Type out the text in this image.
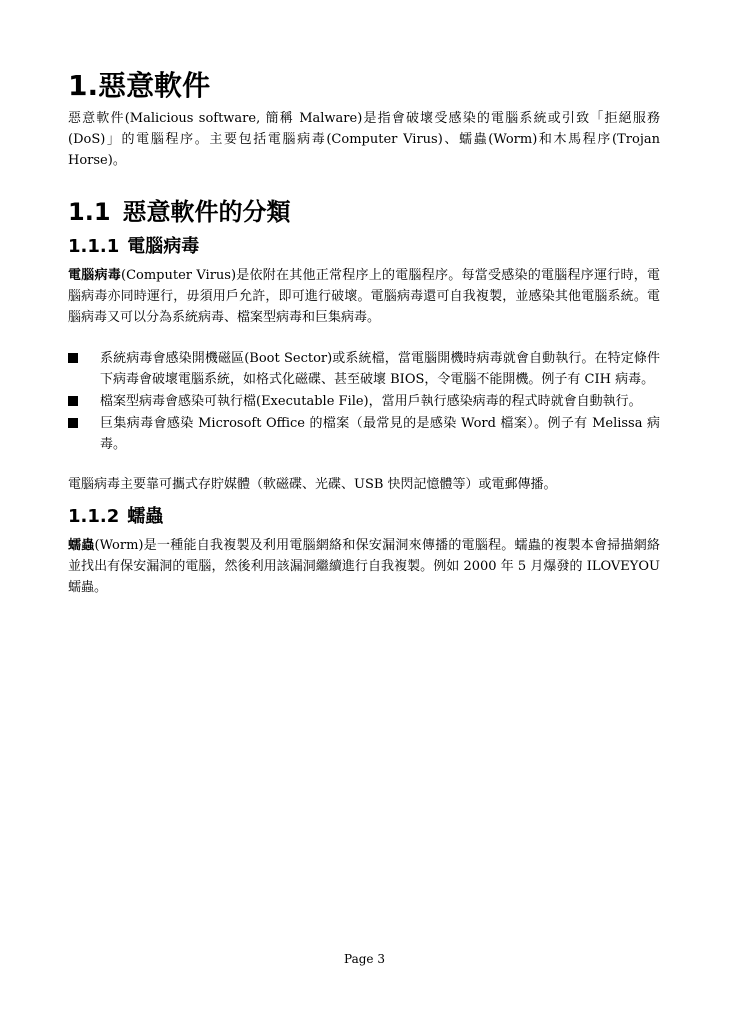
1.惡意軟件

惡意軟件(Malicious software, 簡稱 Malware)是指會破壞受感染的電腦系統或引致「拒絕服務(DoS)」的電腦程序。主要包括電腦病毒(Computer Virus)、蠕蟲(Worm)和木馬程序(Trojan Horse)。

1.1 惡意軟件的分類
1.1.1 電腦病毒

電腦病毒(Computer Virus)是依附在其他正常程序上的電腦程序。每當受感染的電腦程序運行時，電腦病毒亦同時運行，毋須用戶允許，即可進行破壞。電腦病毒還可自我複製，並感染其他電腦系統。電腦病毒又可以分為系統病毒、檔案型病毒和巨集病毒。

系統病毒會感染開機磁區(Boot Sector)或系統檔，當電腦開機時病毒就會自動執行。在特定條件下病毒會破壞電腦系統，如格式化磁碟、甚至破壞 BIOS，令電腦不能開機。例子有 CIH 病毒。
檔案型病毒會感染可執行檔(Executable File)，當用戶執行感染病毒的程式時就會自動執行。
巨集病毒會感染 Microsoft Office 的檔案（最常見的是感染 Word 檔案）。例子有 Melissa 病毒。

電腦病毒主要靠可攜式存貯媒體（軟磁碟、光碟、USB 快閃記憶體等）或電郵傳播。

1.1.2 蠕蟲

蠕蟲(Worm)是一種能自我複製及利用電腦網絡和保安漏洞來傳播的電腦程。蠕蟲的複製本會掃描網絡並找出有保安漏洞的電腦，然後利用該漏洞繼續進行自我複製。例如 2000 年 5 月爆發的 ILOVEYOU 蠕蟲。

Page 3
